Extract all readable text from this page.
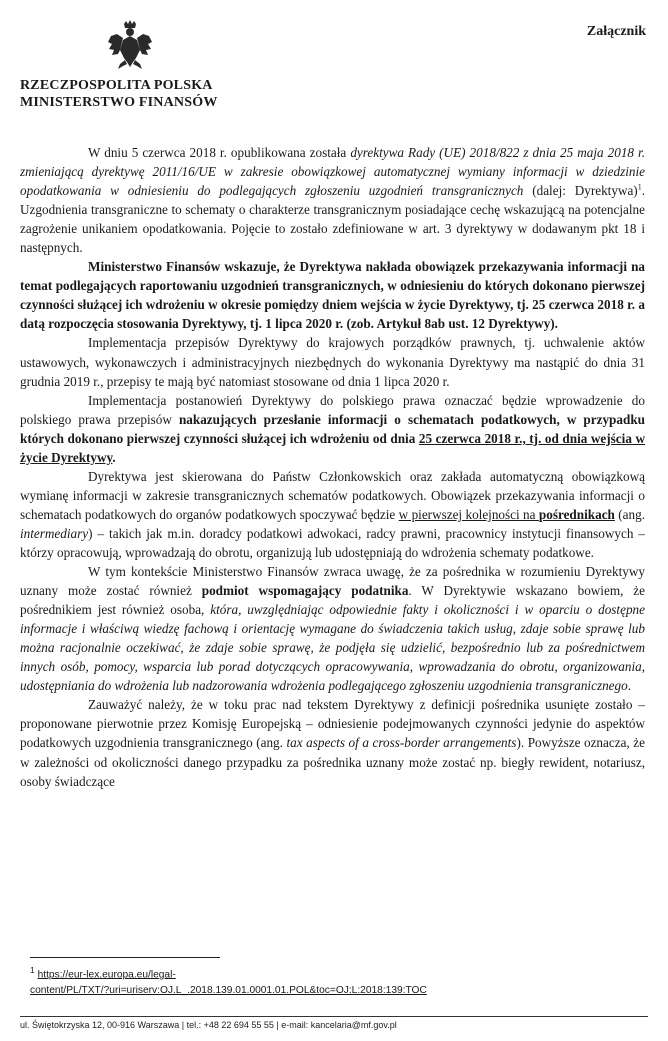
Załącznik
RZECZPOSPOLITA POLSKA
MINISTERSTWO FINANSÓW

W dniu 5 czerwca 2018 r. opublikowana została dyrektywa Rady (UE) 2018/822 z dnia 25 maja 2018 r. zmieniającą dyrektywę 2011/16/UE w zakresie obowiązkowej automatycznej wymiany informacji w dziedzinie opodatkowania w odniesieniu do podlegających zgłoszeniu uzgodnień transgranicznych (dalej: Dyrektywa)$^1$. Uzgodnienia transgraniczne to schematy o charakterze transgranicznym posiadające cechę wskazującą na potencjalne zagrożenie unikaniem opodatkowania. Pojęcie to zostało zdefiniowane w art. 3 dyrektywy w dodawanym pkt 18 i następnych.

Ministerstwo Finansów wskazuje, że Dyrektywa nakłada obowiązek przekazywania informacji na temat podlegających raportowaniu uzgodnień transgranicznych, w odniesieniu do których dokonano pierwszej czynności służącej ich wdrożeniu w okresie pomiędzy dniem wejścia w życie Dyrektywy, tj. 25 czerwca 2018 r. a datą rozpoczęcia stosowania Dyrektywy, tj. 1 lipca 2020 r. (zob. Artykuł 8ab ust. 12 Dyrektywy).

Implementacja przepisów Dyrektywy do krajowych porządków prawnych, tj. uchwalenie aktów ustawowych, wykonawczych i administracyjnych niezbędnych do wykonania Dyrektywy ma nastąpić do dnia 31 grudnia 2019 r., przepisy te mają być natomiast stosowane od dnia 1 lipca 2020 r.

Implementacja postanowień Dyrektywy do polskiego prawa oznaczać będzie wprowadzenie do polskiego prawa przepisów nakazujących przesłanie informacji o schematach podatkowych, w przypadku których dokonano pierwszej czynności służącej ich wdrożeniu od dnia 25 czerwca 2018 r., tj. od dnia wejścia w życie Dyrektywy.

Dyrektywa jest skierowana do Państw Członkowskich oraz zakłada automatyczną obowiązkową wymianę informacji w zakresie transgranicznych schematów podatkowych. Obowiązek przekazywania informacji o schematach podatkowych do organów podatkowych spoczywać będzie w pierwszej kolejności na pośrednikach (ang. intermediary) – takich jak m.in. doradcy podatkowi adwokaci, radcy prawni, pracownicy instytucji finansowych – którzy opracowują, wprowadzają do obrotu, organizują lub udostępniają do wdrożenia schematy podatkowe.

W tym kontekście Ministerstwo Finansów zwraca uwagę, że za pośrednika w rozumieniu Dyrektywy uznany może zostać również podmiot wspomagający podatnika. W Dyrektywie wskazano bowiem, że pośrednikiem jest również osoba, która, uwzględniając odpowiednie fakty i okoliczności i w oparciu o dostępne informacje i właściwą wiedzę fachową i orientację wymagane do świadczenia takich usług, zdaje sobie sprawę lub można racjonalnie oczekiwać, że zdaje sobie sprawę, że podjęła się udzielić, bezpośrednio lub za pośrednictwem innych osób, pomocy, wsparcia lub porad dotyczących opracowywania, wprowadzania do obrotu, organizowania, udostępniania do wdrożenia lub nadzorowania wdrożenia podlegającego zgłoszeniu uzgodnienia transgranicznego.

Zauważyć należy, że w toku prac nad tekstem Dyrektywy z definicji pośrednika usunięte zostało – proponowane pierwotnie przez Komisję Europejską – odniesienie podejmowanych czynności jedynie do aspektów podatkowych uzgodnienia transgranicznego (ang. tax aspects of a cross-border arrangements). Powyższe oznacza, że w zależności od okoliczności danego przypadku za pośrednika uznany może zostać np. biegły rewident, notariusz, osoby świadczące

$^1$ https://eur-lex.europa.eu/legal-
content/PL/TXT/?uri=uriserv:OJ.L_.2018.139.01.0001.01.POL&toc=OJ:L:2018:139:TOC
ul. Świętokrzyska 12, 00-916 Warszawa | tel.: +48 22 694 55 55 | e-mail: kancelaria@mf.gov.pl
